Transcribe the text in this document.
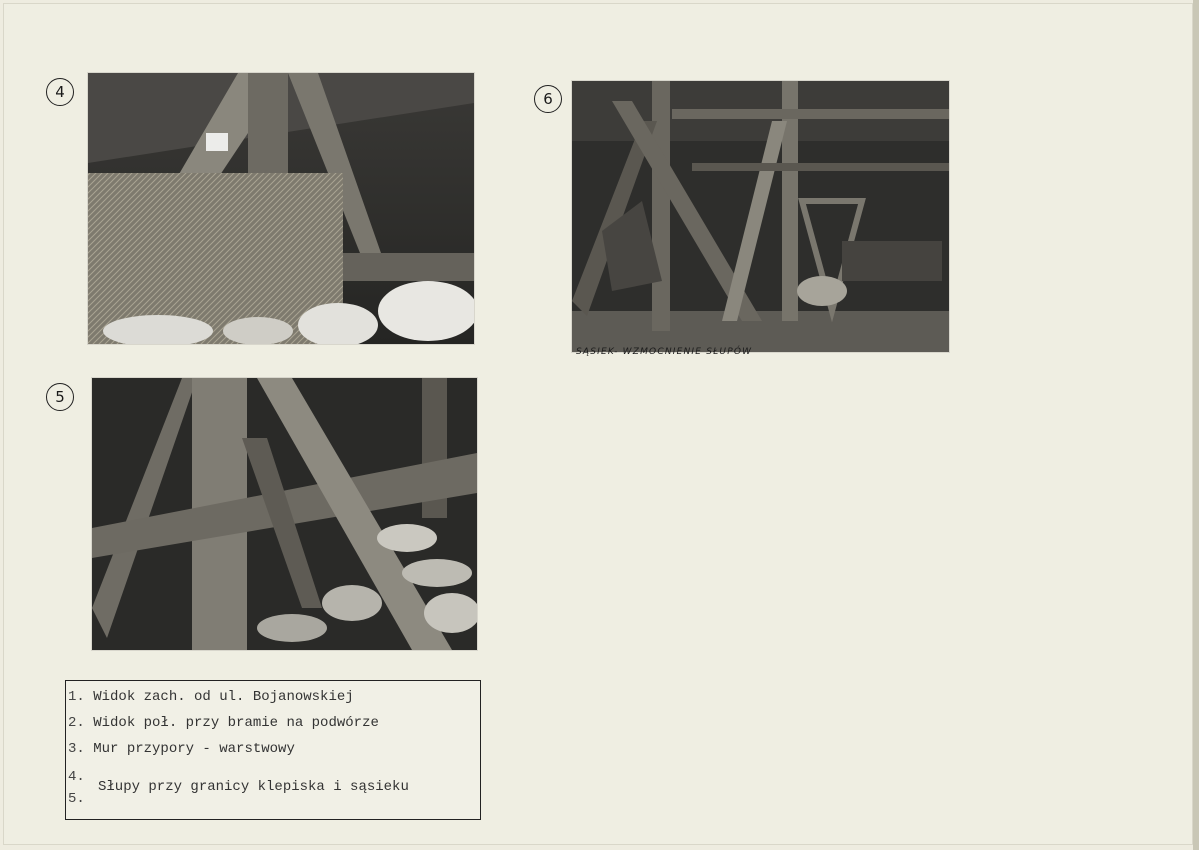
4	6
SĄSIEK- WZMOCNIENIE SŁUPÓW
5
1. Widok zach. od ul. Bojanowskiej
2. Widok poł. przy bramie na podwórze
3. Mur przypory - warstwowy
4.
Słupy przy granicy klepiska i sąsieku
5.
